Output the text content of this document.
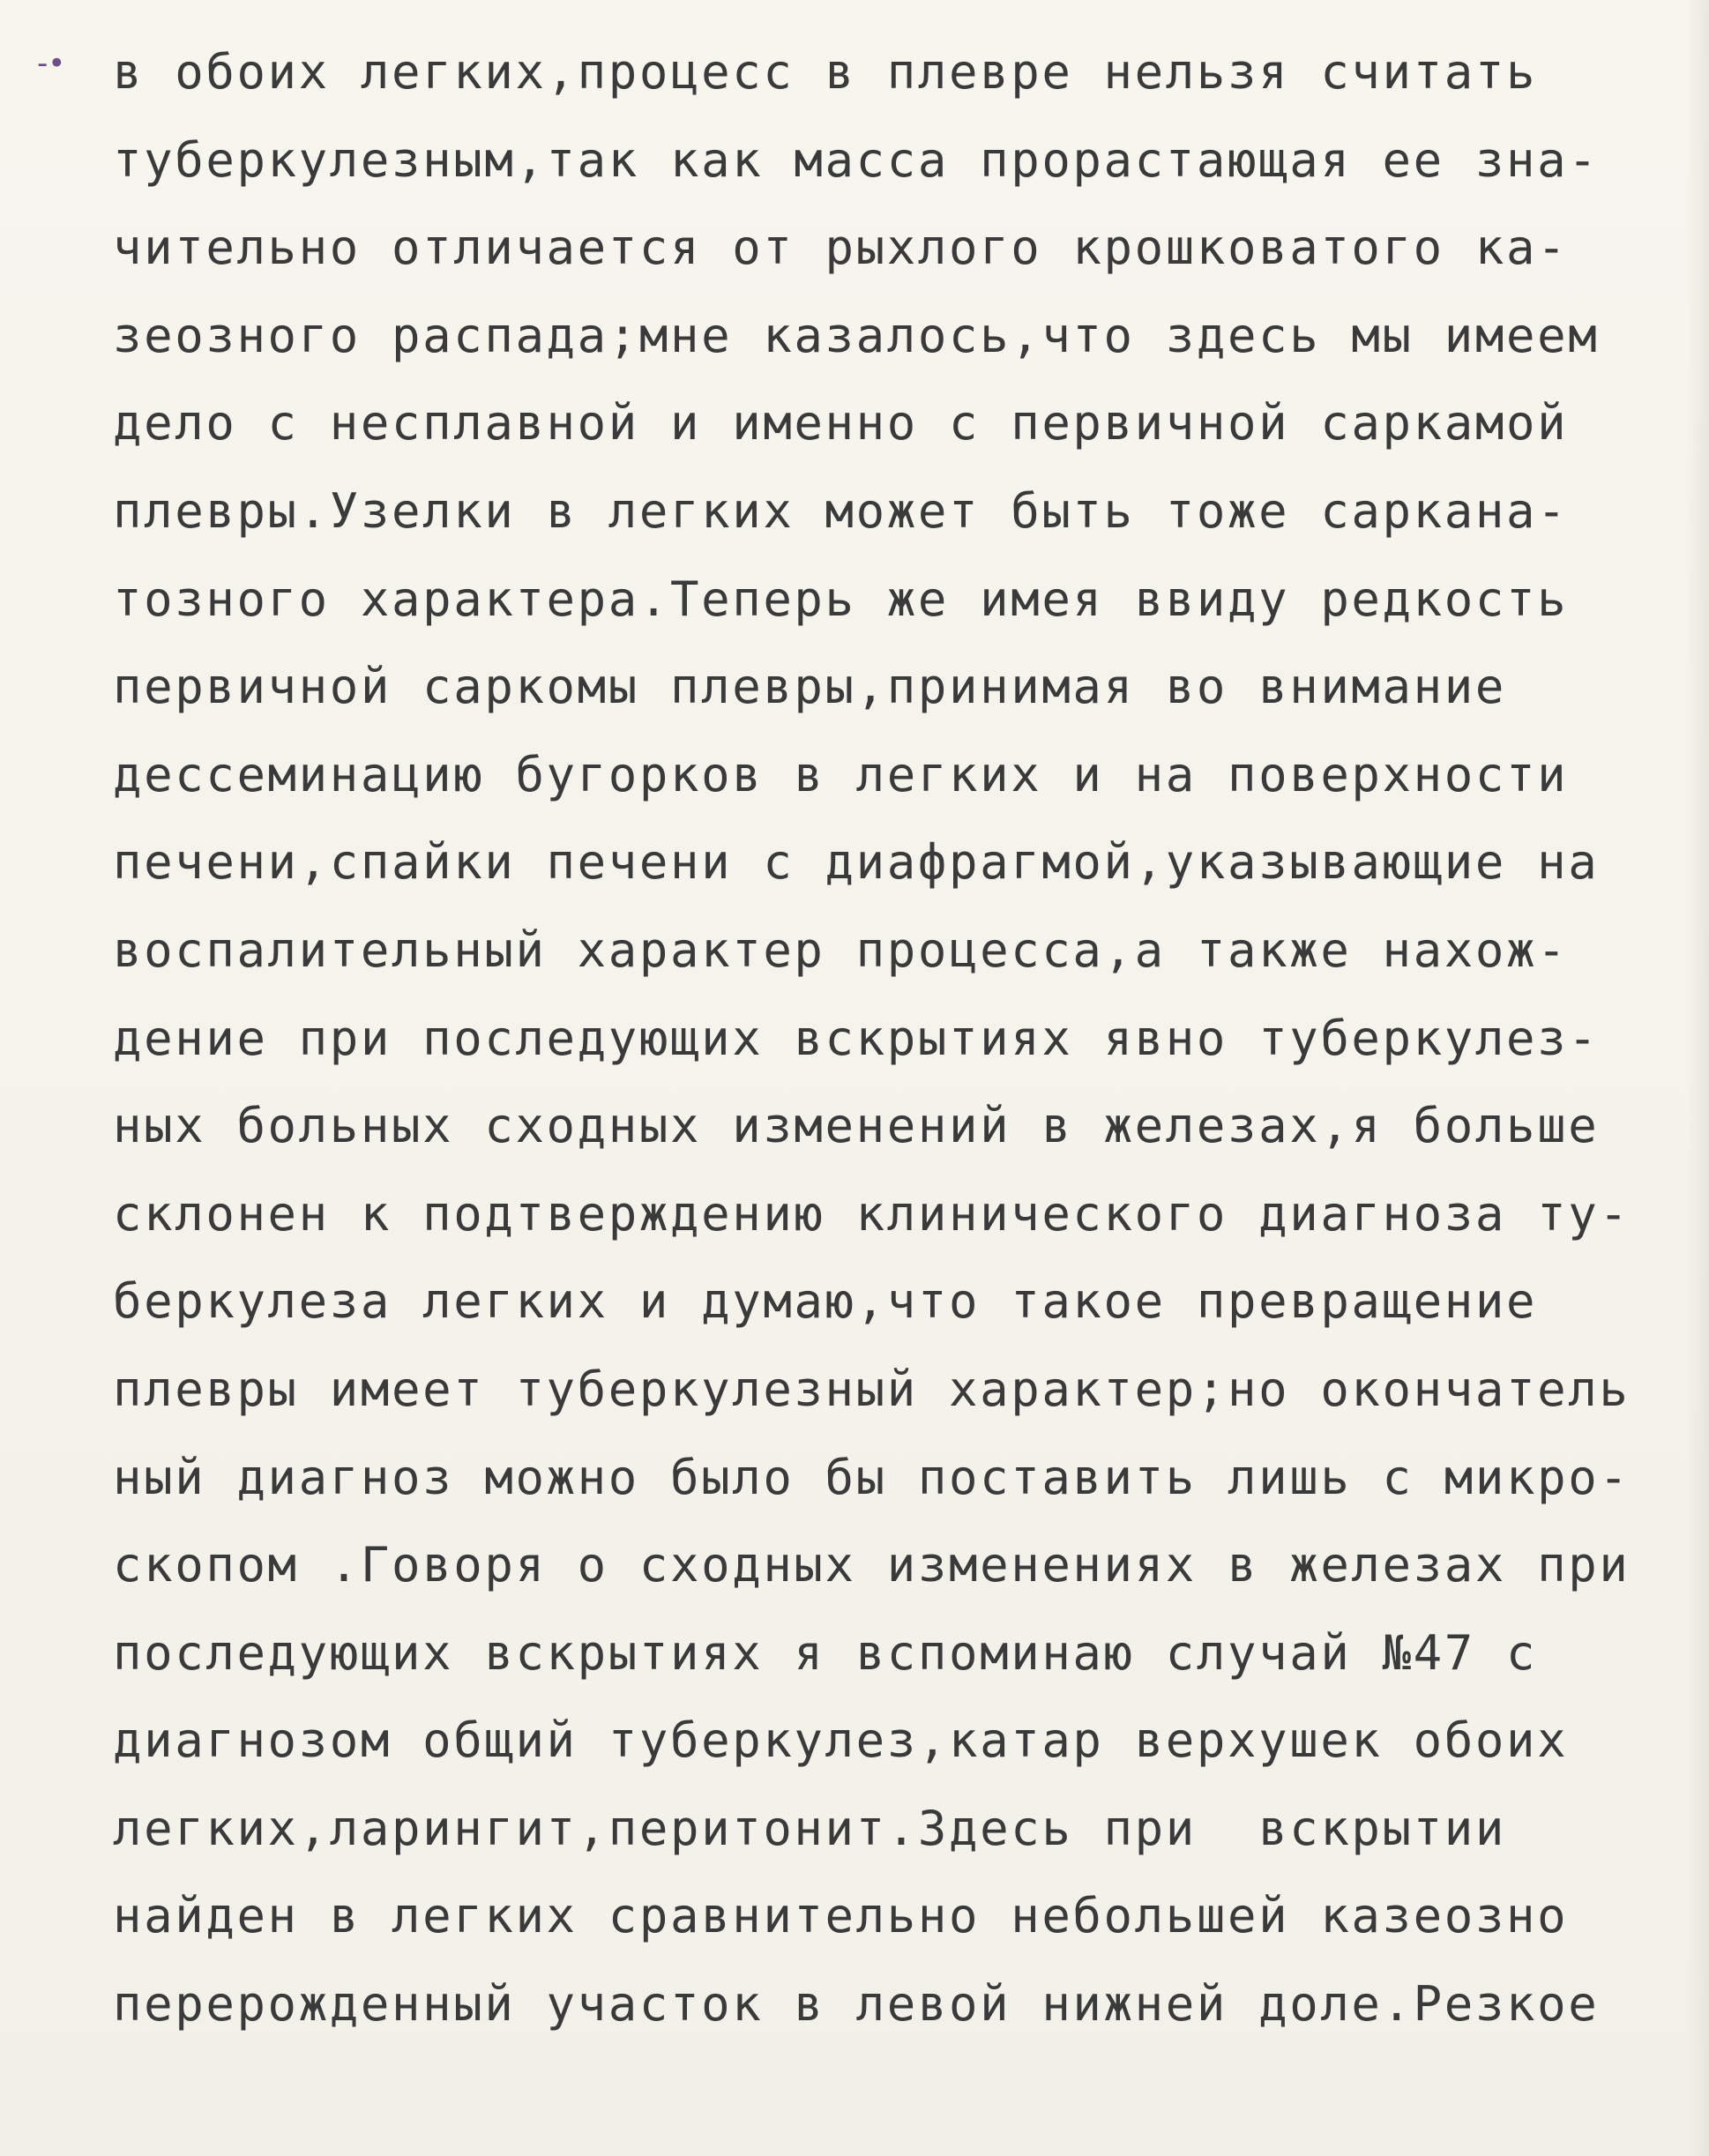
-• в обоих легких,процесс в плевре нельзя считать
туберкулезным,так как масса прорастающая ее зна-
чительно отличается от рыхлого крошковатого ка-
зеозного распада;мне казалось,что здесь мы имеем
дело с несплавной и именно с первичной саркамой
плевры.Узелки в легких может быть тоже саркана-
тозного характера.Теперь же имея ввиду редкость
первичной саркомы плевры,принимая во внимание
дессеминацию бугорков в легких и на поверхности
печени,спайки печени с диафрагмой,указывающие на
воспалительный характер процесса,а также нахож-
дение при последующих вскрытиях явно туберкулез-
ных больных сходных изменений в железах,я больше
склонен к подтверждению клинического диагноза ту-
беркулеза легких и думаю,что такое превращение
плевры имеет туберкулезный характер;но окончатель
ный диагноз можно было бы поставить лишь с микро-
скопом .Говоря о сходных изменениях в железах при
последующих вскрытиях я вспоминаю случай №47 с
диагнозом общий туберкулез,катар верхушек обоих
легких,ларингит,перитонит.Здесь при  вскрытии
найден в легких сравнительно небольшей казеозно
перерожденный участок в левой нижней доле.Резкое
